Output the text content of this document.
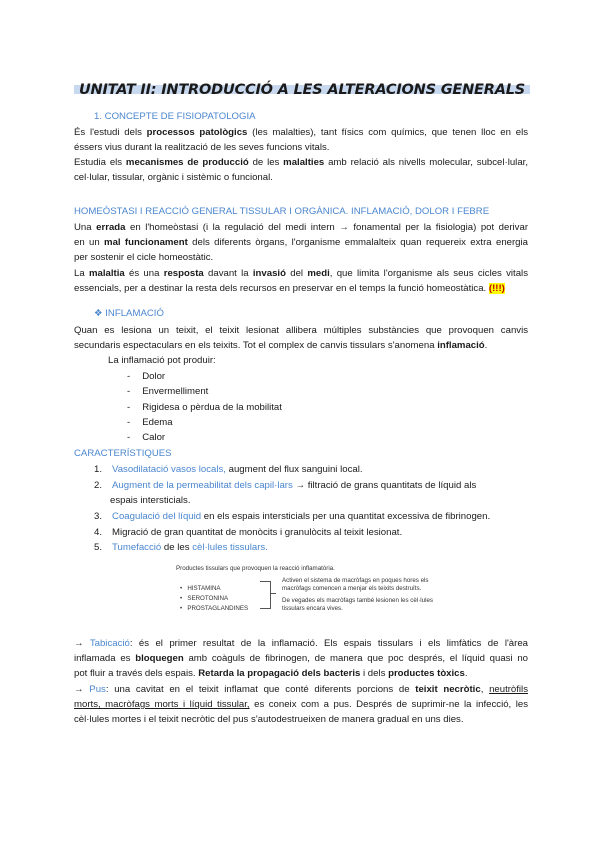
UNITAT II: INTRODUCCIÓ A LES ALTERACIONS GENERALS
1. CONCEPTE DE FISIOPATOLOGIA
És l'estudi dels processos patològics (les malalties), tant físics com químics, que tenen lloc en els
éssers vius durant la realització de les seves funcions vitals.
Estudia els mecanismes de producció de les malalties amb relació als nivells molecular, subcel·lular,
cel·lular, tissular, orgànic i sistèmic o funcional.
HOMEÒSTASI I REACCIÓ GENERAL TISSULAR I ORGÀNICA. INFLAMACIÓ, DOLOR I FEBRE
Una errada en l'homeòstasi (i la regulació del medi intern → fonamental per la fisiologia) pot derivar
en un mal funcionament dels diferents òrgans, l'organisme emmalalteix quan requereix extra energia
per sostenir el cicle homeostàtic.
La malaltia és una resposta davant la invasió del medi, que limita l'organisme als seus cicles vitals
essencials, per a destinar la resta dels recursos en preservar en el temps la funció homeostàtica. (!!!)
❖ INFLAMACIÓ
Quan es lesiona un teixit, el teixit lesionat allibera múltiples substàncies que provoquen canvis
secundaris espectaculars en els teixits. Tot el complex de canvis tissulars s'anomena inflamació.
La inflamació pot produir:
- Dolor
- Envermelliment
- Rigidesa o pèrdua de la mobilitat
- Edema
- Calor
CARACTERÍSTIQUES
1. Vasodilatació vasos locals, augment del flux sanguini local.
2. Augment de la permeabilitat dels capil·lars → filtració de grans quantitats de líquid als
espais intersticials.
3. Coagulació del líquid en els espais intersticials per una quantitat excessiva de fibrinogen.
4. Migració de gran quantitat de monòcits i granulòcits al teixit lesionat.
5. Tumefacció de les cèl·lules tissulars.
Productes tissulars que provoquen la reacció inflamatòria.
•   HISTAMINA
•   SEROTONINA
•   PROSTAGLANDINES
Activen el sistema de macròfags en poques hores els
macròfags comencen a menjar els teixits destruïts.
De vegades els macròfags també lesionen les cèl·lules
tissulars encara vives.
→ Tabicació: és el primer resultat de la inflamació. Els espais tissulars i els limfàtics de l'àrea
inflamada es bloquegen amb coàguls de fibrinogen, de manera que poc després, el líquid quasi no
pot fluir a través dels espais. Retarda la propagació dels bacteris i dels productes tòxics.
→ Pus: una cavitat en el teixit inflamat que conté diferents porcions de teixit necròtic, neutròfils
morts, macròfags morts i líquid tissular, es coneix com a pus. Després de suprimir-ne la infecció, les
cèl·lules mortes i el teixit necròtic del pus s'autodestrueixen de manera gradual en uns dies.
